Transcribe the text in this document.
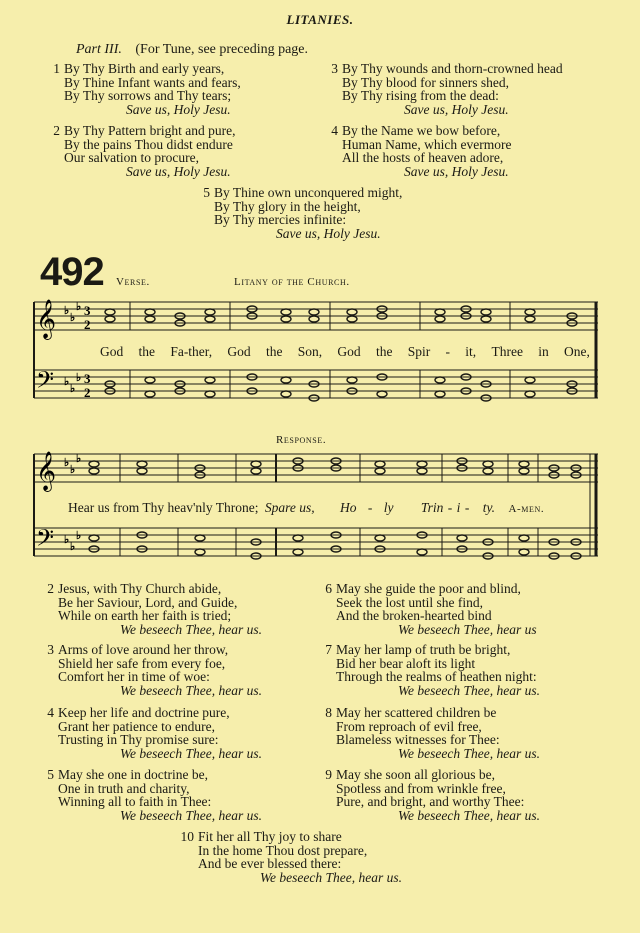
LITANIES.
Part III. (For Tune, see preceding page.
1 By Thy Birth and early years,
By Thine Infant wants and fears,
By Thy sorrows and Thy tears;
Save us, Holy Jesu.
3 By Thy wounds and thorn-crowned head
By Thy blood for sinners shed,
By Thy rising from the dead:
Save us, Holy Jesu.
2 By Thy Pattern bright and pure,
By the pains Thou didst endure
Our salvation to procure,
Save us, Holy Jesu.
4 By the Name we bow before,
Human Name, which evermore
All the hosts of heaven adore,
Save us, Holy Jesu.
5 By Thine own unconquered might,
By Thy glory in the height,
By Thy mercies infinite:
Save us, Holy Jesu.
492 Verse.	Litany of the Church.
𝄞
𝄢
♭
♭
♭
♭
♭
♭
3
2
3
2
God the Fa-ther, God the Son, God the Spir - it, Three in One,
Response.
𝄞
𝄢
♭
♭
♭
♭
♭
♭
Hear us from Thy heav'nly Throne; Spare us, Ho - ly Trin - i - ty. A-men.
2 Jesus, with Thy Church abide,
Be her Saviour, Lord, and Guide,
While on earth her faith is tried;
We beseech Thee, hear us.
6 May she guide the poor and blind,
Seek the lost until she find,
And the broken-hearted bind
We beseech Thee, hear us
3 Arms of love around her throw,
Shield her safe from every foe,
Comfort her in time of woe:
We beseech Thee, hear us.
7 May her lamp of truth be bright,
Bid her bear aloft its light
Through the realms of heathen night:
We beseech Thee, hear us.
4 Keep her life and doctrine pure,
Grant her patience to endure,
Trusting in Thy promise sure:
We beseech Thee, hear us.
8 May her scattered children be
From reproach of evil free,
Blameless witnesses for Thee:
We beseech Thee, hear us.
5 May she one in doctrine be,
One in truth and charity,
Winning all to faith in Thee:
We beseech Thee, hear us.
9 May she soon all glorious be,
Spotless and from wrinkle free,
Pure, and bright, and worthy Thee:
We beseech Thee, hear us.
10 Fit her all Thy joy to share
In the home Thou dost prepare,
And be ever blessed there:
We beseech Thee, hear us.
